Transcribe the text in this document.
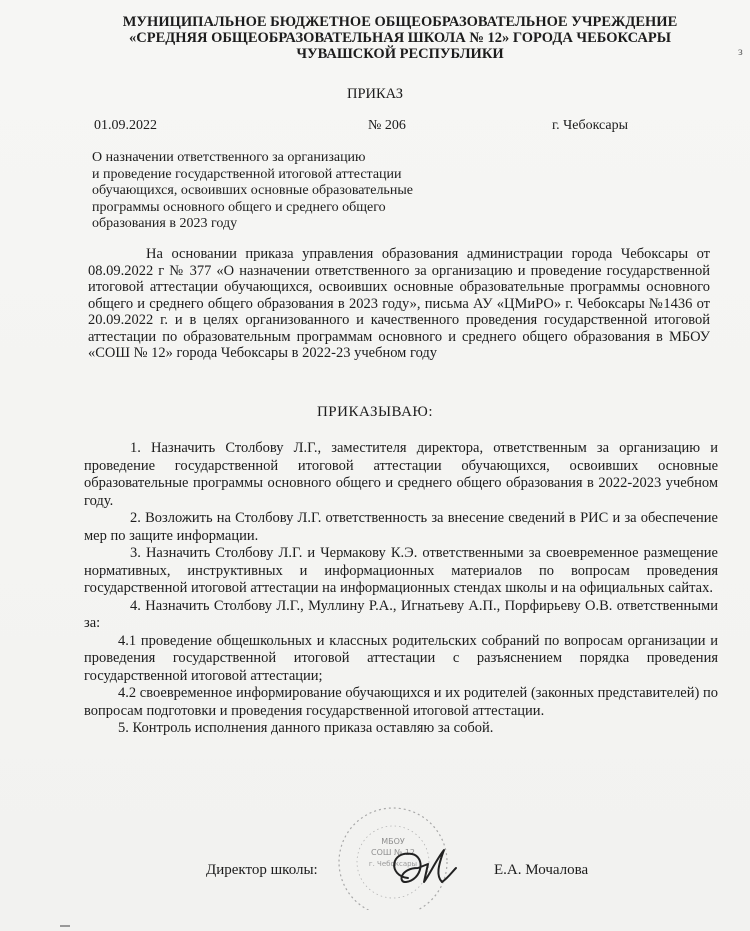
МУНИЦИПАЛЬНОЕ БЮДЖЕТНОЕ ОБЩЕОБРАЗОВАТЕЛЬНОЕ УЧРЕЖДЕНИЕ
«СРЕДНЯЯ ОБЩЕОБРАЗОВАТЕЛЬНАЯ ШКОЛА № 12» ГОРОДА ЧЕБОКСАРЫ
ЧУВАШСКОЙ РЕСПУБЛИКИ	з
ПРИКАЗ
01.09.2022	№ 206	г. Чебоксары
О назначении ответственного за организацию
и проведение государственной итоговой аттестации
обучающихся, освоивших основные образовательные
программы основного общего и среднего общего
образования в 2023 году
На основании приказа управления образования администрации города Чебоксары от 08.09.2022 г № 377 «О назначении ответственного за организацию и проведение государственной итоговой аттестации обучающихся, освоивших основные образовательные программы основного общего и среднего общего образования в 2023 году», письма АУ «ЦМиРО» г. Чебоксары №1436 от 20.09.2022 г. и в целях организованного и качественного проведения государственной итоговой аттестации по образовательным программам основного и среднего общего образования в МБОУ «СОШ № 12» города Чебоксары в 2022-23 учебном году
ПРИКАЗЫВАЮ:

1. Назначить Столбову Л.Г., заместителя директора, ответственным за организацию и проведение государственной итоговой аттестации обучающихся, освоивших основные образовательные программы основного общего и среднего общего образования в 2022-2023 учебном году.

2. Возложить на Столбову Л.Г. ответственность за внесение сведений в РИС и за обеспечение мер по защите информации.

3. Назначить Столбову Л.Г. и Чермакову К.Э. ответственными за своевременное размещение нормативных, инструктивных и информационных материалов по вопросам проведения государственной итоговой аттестации на информационных стендах школы и на официальных сайтах.

4. Назначить Столбову Л.Г., Муллину Р.А., Игнатьеву А.П., Порфирьеву О.В. ответственными за:

4.1 проведение общешкольных и классных родительских собраний по вопросам организации и проведения государственной итоговой аттестации с разъяснением порядка проведения государственной итоговой аттестации;

4.2 своевременное информирование обучающихся и их родителей (законных представителей) по вопросам подготовки и проведения государственной итоговой аттестации.

5. Контроль исполнения данного приказа оставляю за собой.

МБОУ
СОШ № 12
г. Чебоксары
Директор школы:	Е.А. Мочалова
